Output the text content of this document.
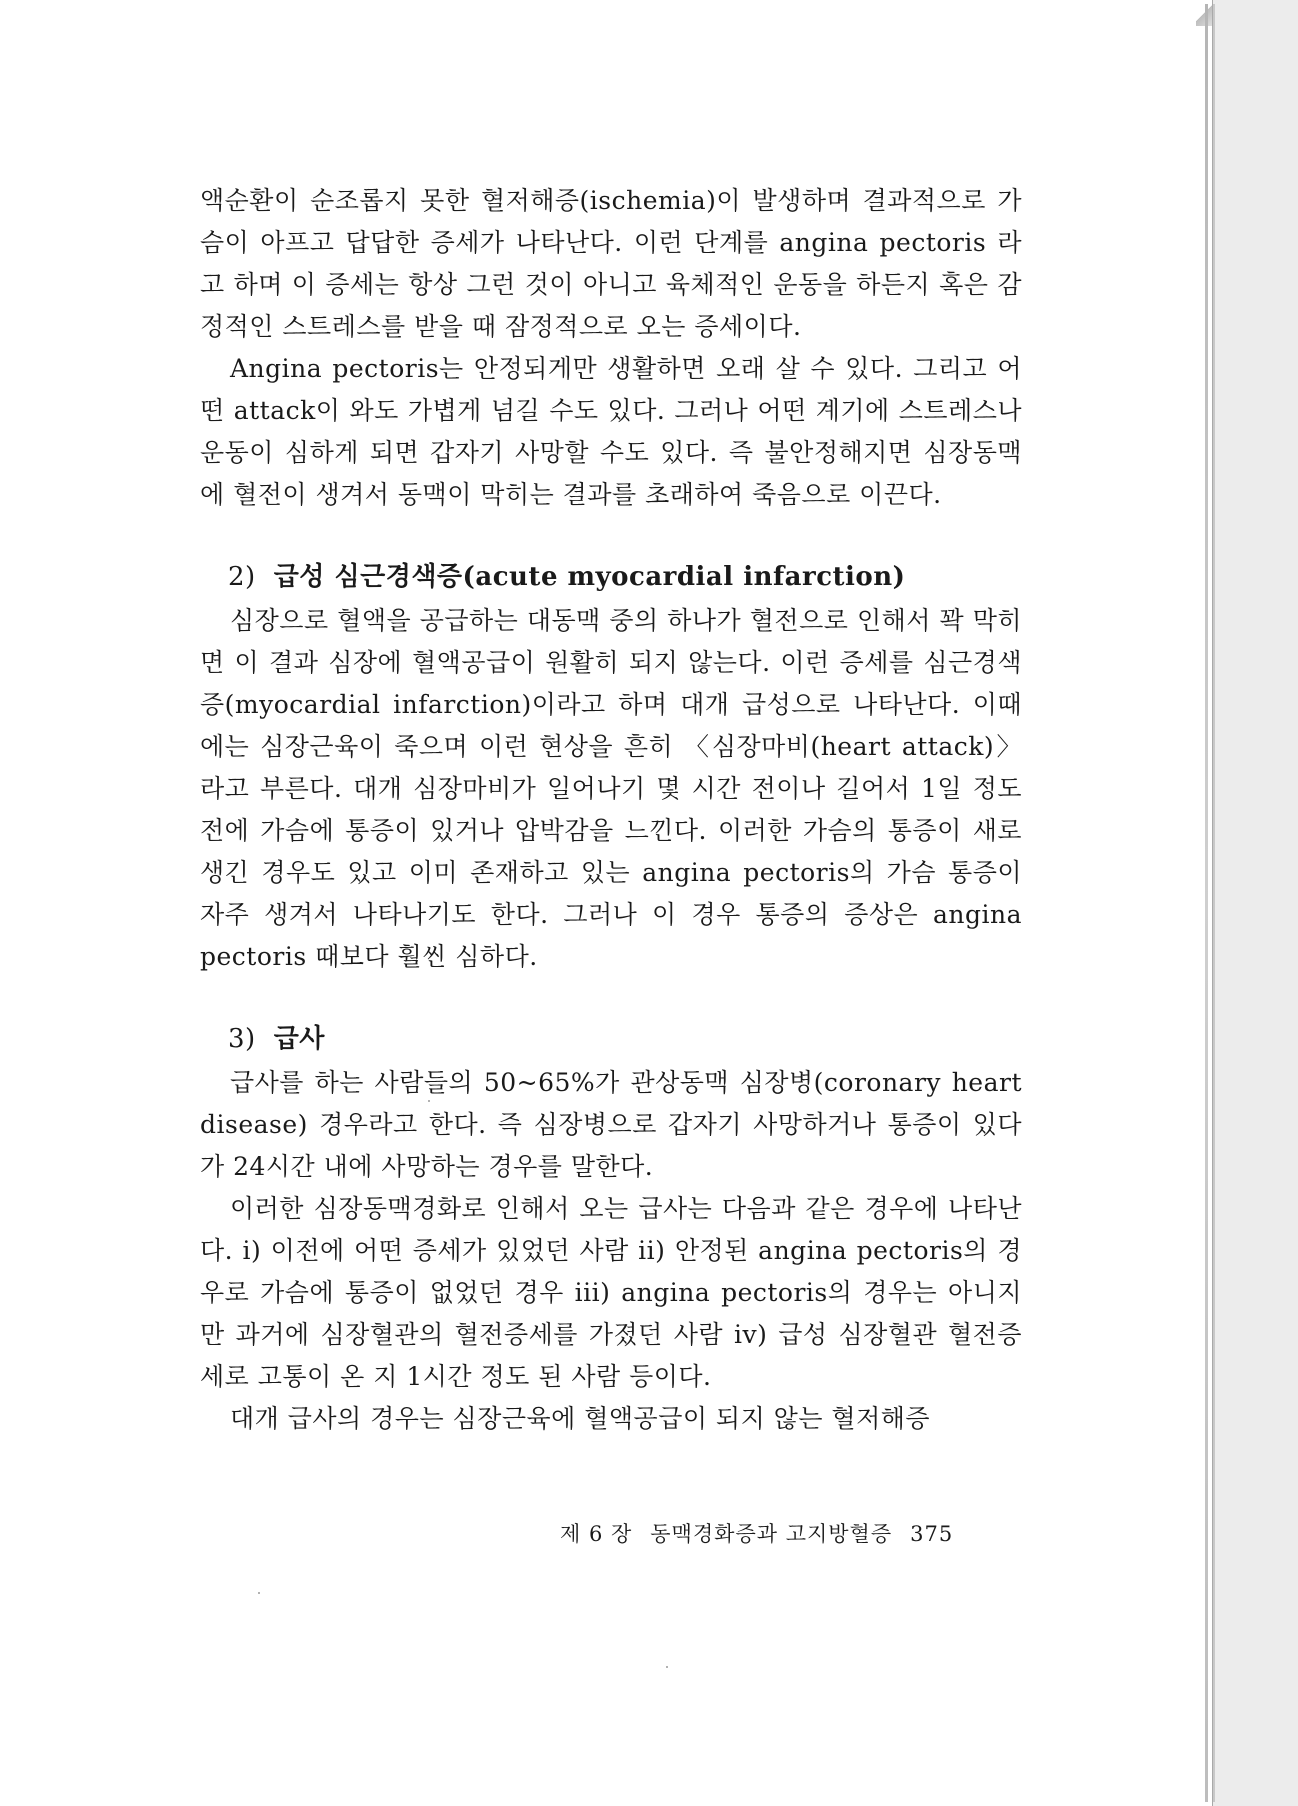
액순환이 순조롭지 못한 혈저해증(ischemia)이 발생하며 결과적으로 가슴이 아프고 답답한 증세가 나타난다. 이런 단계를 angina pectoris 라고 하며 이 증세는 항상 그런 것이 아니고 육체적인 운동을 하든지 혹은 감정적인 스트레스를 받을 때 잠정적으로 오는 증세이다.

Angina pectoris는 안정되게만 생활하면 오래 살 수 있다. 그리고 어떤 attack이 와도 가볍게 넘길 수도 있다. 그러나 어떤 계기에 스트레스나 운동이 심하게 되면 갑자기 사망할 수도 있다. 즉 불안정해지면 심장동맥에 혈전이 생겨서 동맥이 막히는 결과를 초래하여 죽음으로 이끈다.

2) 급성 심근경색증(acute myocardial infarction)

심장으로 혈액을 공급하는 대동맥 중의 하나가 혈전으로 인해서 꽉 막히면 이 결과 심장에 혈액공급이 원활히 되지 않는다. 이런 증세를 심근경색증(myocardial infarction)이라고 하며 대개 급성으로 나타난다. 이때에는 심장근육이 죽으며 이런 현상을 흔히 〈심장마비(heart attack)〉라고 부른다. 대개 심장마비가 일어나기 몇 시간 전이나 길어서 1일 정도 전에 가슴에 통증이 있거나 압박감을 느낀다. 이러한 가슴의 통증이 새로 생긴 경우도 있고 이미 존재하고 있는 angina pectoris의 가슴 통증이 자주 생겨서 나타나기도 한다. 그러나 이 경우 통증의 증상은 angina pectoris 때보다 훨씬 심하다.

3) 급사

급사를 하는 사람들의 50~65%가 관상동맥 심장병(coronary heart disease) 경우라고 한다. 즉 심장병으로 갑자기 사망하거나 통증이 있다가 24시간 내에 사망하는 경우를 말한다.

이러한 심장동맥경화로 인해서 오는 급사는 다음과 같은 경우에 나타난다. i) 이전에 어떤 증세가 있었던 사람 ii) 안정된 angina pectoris의 경우로 가슴에 통증이 없었던 경우 iii) angina pectoris의 경우는 아니지만 과거에 심장혈관의 혈전증세를 가졌던 사람 iv) 급성 심장혈관 혈전증세로 고통이 온 지 1시간 정도 된 사람 등이다.

대개 급사의 경우는 심장근육에 혈액공급이 되지 않는 혈저해증

제 6 장 동맥경화증과 고지방혈증 375
